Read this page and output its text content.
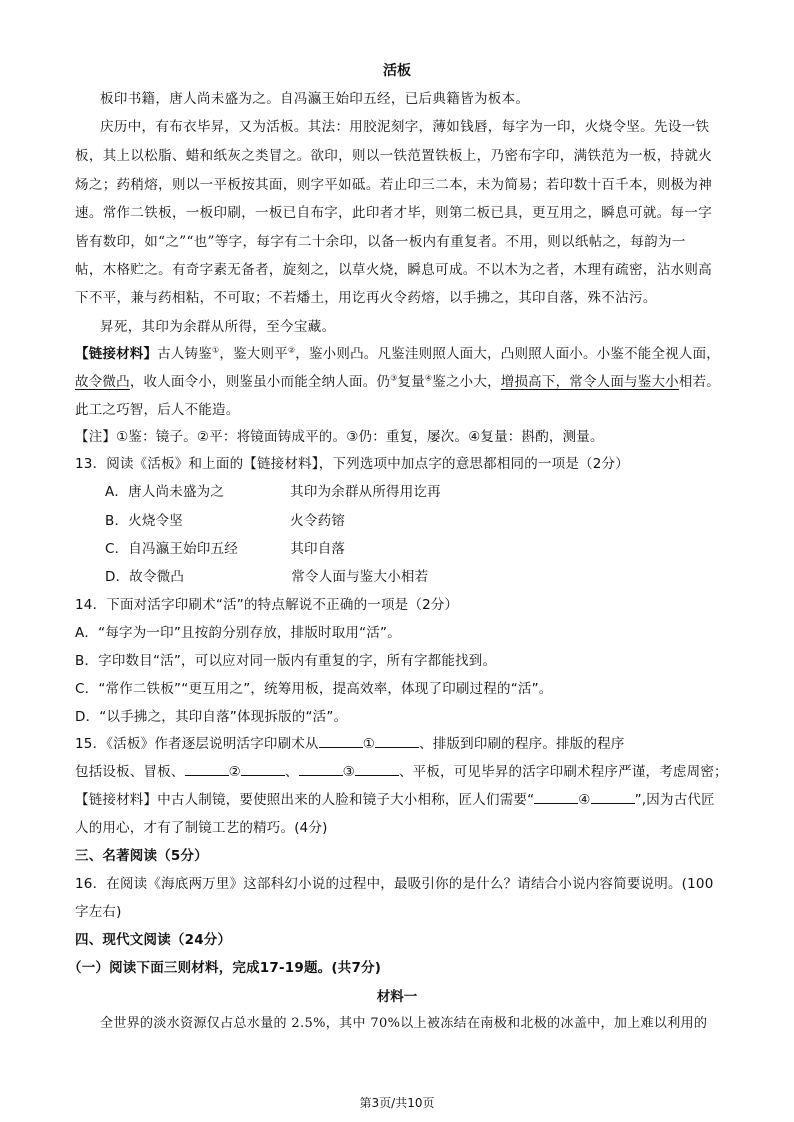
活板
板印书籍，唐人尚未盛为之。自冯瀛王始印五经，已后典籍皆为板本。
庆历中，有布衣毕昇，又为活板。其法：用胶泥刻字，薄如钱唇，每字为一印，火烧令坚。先设一铁
板，其上以松脂、蜡和纸灰之类冒之。欲印，则以一铁范置铁板上，乃密布字印，满铁范为一板，持就火
炀之；药稍熔，则以一平板按其面，则字平如砥。若止印三二本，未为简易；若印数十百千本，则极为神
速。常作二铁板，一板印刷，一板已自布字，此印者才毕，则第二板已具，更互用之，瞬息可就。每一字
皆有数印，如“之”“也”等字，每字有二十余印，以备一板内有重复者。不用，则以纸帖之，每韵为一
帖，木格贮之。有奇字素无备者，旋刻之，以草火烧，瞬息可成。不以木为之者，木理有疏密，沾水则高
下不平，兼与药相粘，不可取；不若燔土，用讫再火令药熔，以手拂之，其印自落，殊不沾污。
昇死，其印为余群从所得，至今宝藏。
【链接材料】古人铸鉴①，鉴大则平②，鉴小则凸。凡鉴洼则照人面大，凸则照人面小。小鉴不能全视人面，
故令微凸，收人面令小，则鉴虽小而能全纳人面。仍③复量④鉴之小大，增损高下，常令人面与鉴大小相若。
此工之巧智，后人不能造。
【注】①鉴：镜子。②平：将镜面铸成平的。③仍：重复，屡次。④复量：斟酌，测量。
13．阅读《活板》和上面的【链接材料】，下列选项中加点字的意思都相同的一项是（2分）
A．唐人尚未盛为之	其印为余群从所得用讫再
B．火烧令坚	火令药镕
C．自冯瀛王始印五经	其印自落
D．故令微凸	常令人面与鉴大小相若
14．下面对活字印刷术“活”的特点解说不正确的一项是（2分）
A．“每字为一印”且按韵分别存放，排版时取用“活”。
B．字印数目“活”，可以应对同一版内有重复的字，所有字都能找到。
C．“常作二铁板”“更互用之”，统筹用板，提高效率，体现了印刷过程的“活”。
D．“以手拂之，其印自落”体现拆版的“活”。
15．《活板》作者逐层说明活字印刷术从	①	、排版到印刷的程序。排版的程序
包括设板、冒板、	②	、	③	、平板，可见毕昇的活字印刷术程序严谨，考虑周密；
【链接材料】中古人制镜，要使照出来的人脸和镜子大小相称，匠人们需要“	④	”,因为古代匠
人的用心，才有了制镜工艺的精巧。(4分)
三、名著阅读（5分）
16．在阅读《海底两万里》这部科幻小说的过程中，最吸引你的是什么？请结合小说内容简要说明。(100
字左右)
四、现代文阅读（24分）
（一）阅读下面三则材料，完成17-19题。(共7分)
材料一
全世界的淡水资源仅占总水量的 2.5%，其中 70%以上被冻结在南极和北极的冰盖中，加上难以利用的
第3页/共10页
